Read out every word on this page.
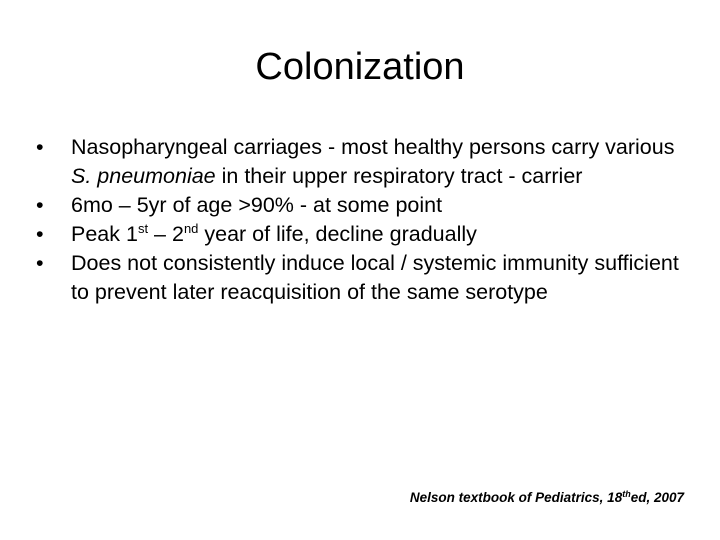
Colonization
•	Nasopharyngeal carriages - most healthy persons carry various S. pneumoniae in their upper respiratory tract - carrier
•	6mo – 5yr of age >90% - at some point
•	Peak 1st – 2nd year of life, decline gradually
•	Does not consistently induce local / systemic immunity sufficient to prevent later reacquisition of the same serotype
Nelson textbook of Pediatrics, 18thed, 2007
